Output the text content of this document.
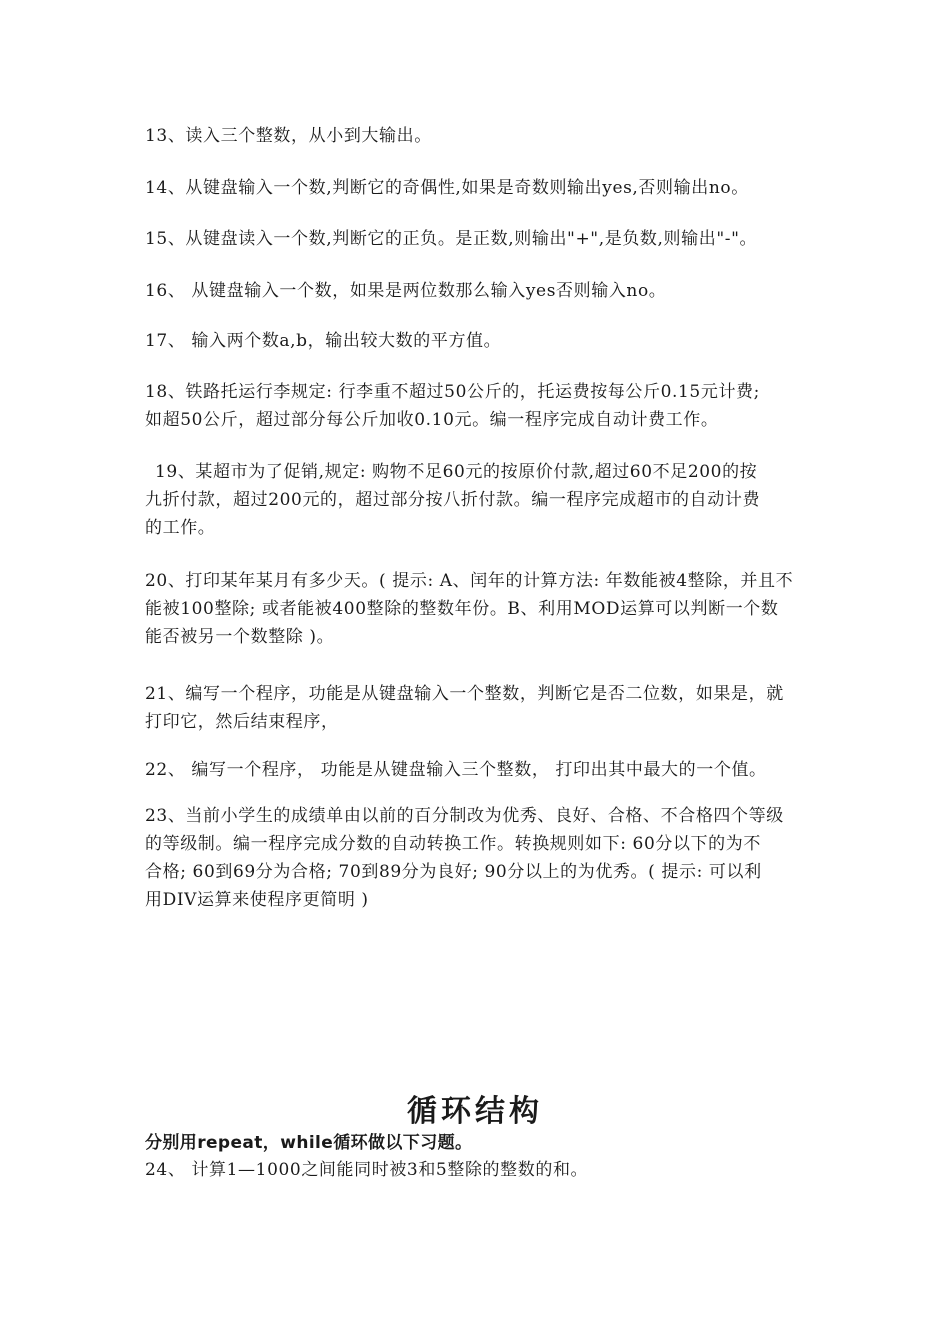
13、读入三个整数，从小到大输出。

14、从键盘输入一个数,判断它的奇偶性,如果是奇数则输出yes,否则输出no。

15、从键盘读入一个数,判断它的正负。是正数,则输出"+",是负数,则输出"-"。

16、 从键盘输入一个数，如果是两位数那么输入yes否则输入no。

17、 输入两个数a,b，输出较大数的平方值。

18、铁路托运行李规定: 行李重不超过50公斤的，托运费按每公斤0.15元计费;
如超50公斤，超过部分每公斤加收0.10元。编一程序完成自动计费工作。

19、某超市为了促销,规定: 购物不足60元的按原价付款,超过60不足200的按
九折付款，超过200元的，超过部分按八折付款。编一程序完成超市的自动计费
的工作。

20、打印某年某月有多少天。( 提示: A、闰年的计算方法: 年数能被4整除，并且不
能被100整除; 或者能被400整除的整数年份。B、利用MOD运算可以判断一个数
能否被另一个数整除 )。

21、编写一个程序，功能是从键盘输入一个整数，判断它是否二位数，如果是，就
打印它，然后结束程序，

22、 编写一个程序， 功能是从键盘输入三个整数， 打印出其中最大的一个值。

23、当前小学生的成绩单由以前的百分制改为优秀、良好、合格、不合格四个等级
的等级制。编一程序完成分数的自动转换工作。转换规则如下: 60分以下的为不
合格; 60到69分为合格; 70到89分为良好; 90分以上的为优秀。( 提示: 可以利
用DIV运算来使程序更简明 )

循环结构

分别用repeat，while循环做以下习题。

24、 计算1—1000之间能同时被3和5整除的整数的和。
